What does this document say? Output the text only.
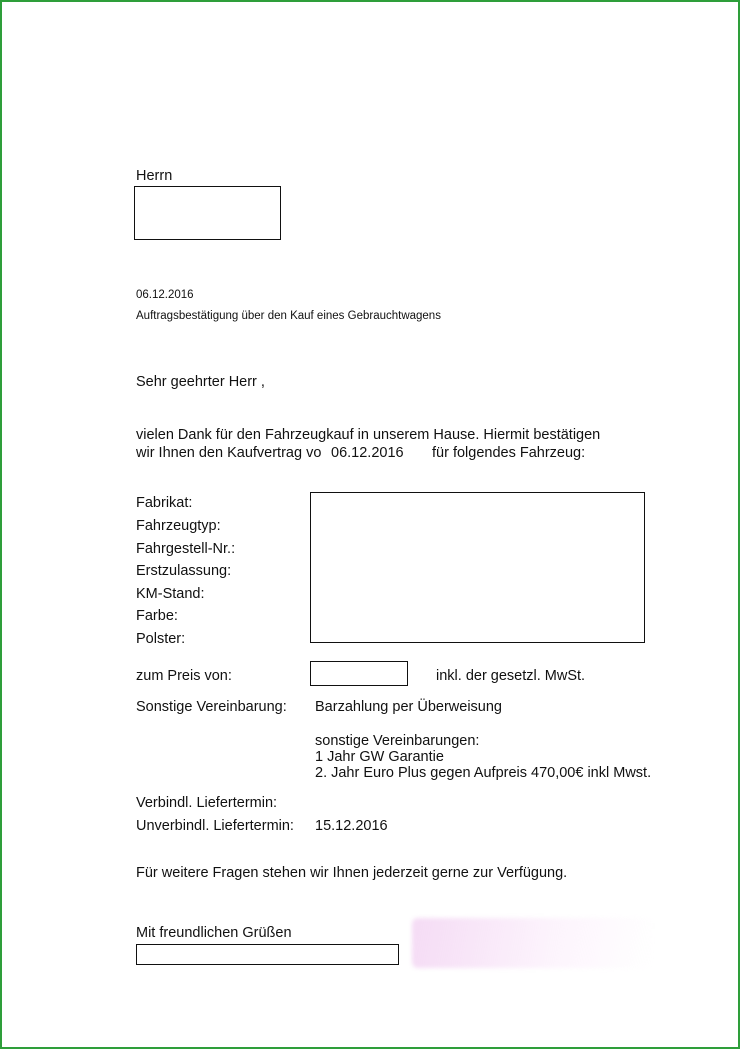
Herrn
06.12.2016
Auftragsbestätigung über den Kauf eines Gebrauchtwagens
Sehr geehrter Herr ,
vielen Dank für den Fahrzeugkauf in unserem Hause. Hiermit bestätigen
wir Ihnen den Kaufvertrag vo 06.12.2016 für folgendes Fahrzeug:
Fabrikat:
Fahrzeugtyp:
Fahrgestell-Nr.:
Erstzulassung:
KM-Stand:
Farbe:
Polster:
zum Preis von:	inkl. der gesetzl. MwSt.
Sonstige Vereinbarung: Barzahlung per Überweisung
sonstige Vereinbarungen:
1 Jahr GW Garantie
2. Jahr Euro Plus gegen Aufpreis 470,00€ inkl Mwst.
Verbindl. Liefertermin:
Unverbindl. Liefertermin: 15.12.2016
Für weitere Fragen stehen wir Ihnen jederzeit gerne zur Verfügung.
Mit freundlichen Grüßen
